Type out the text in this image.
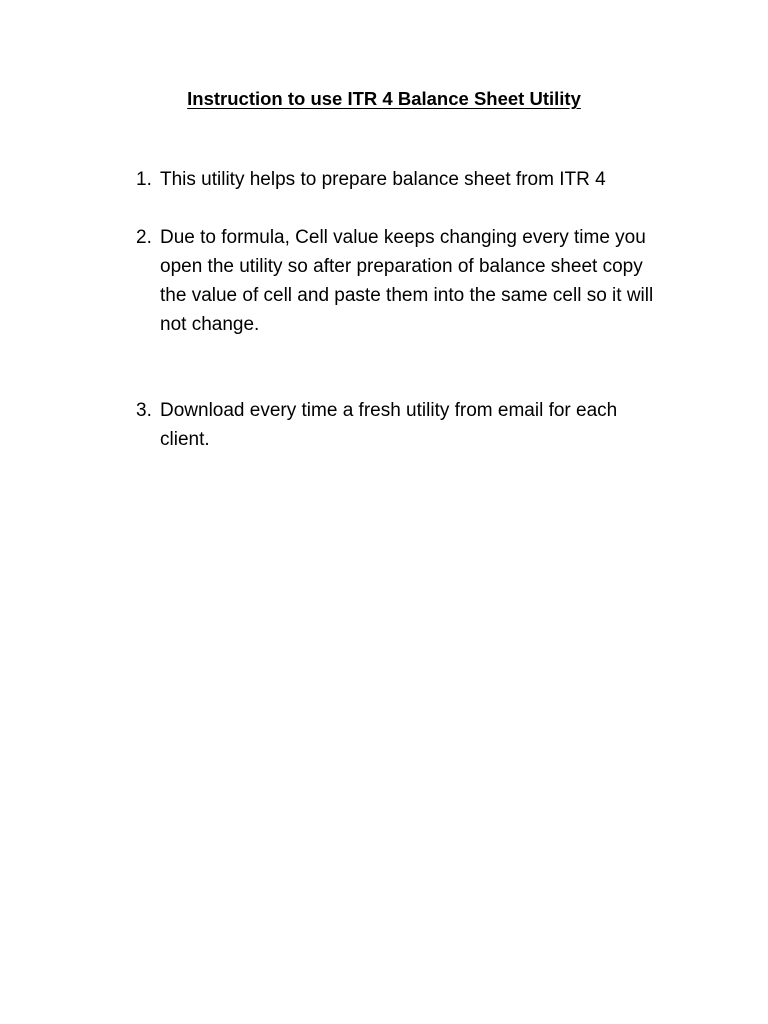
Instruction to use ITR 4 Balance Sheet Utility
1. This utility helps to prepare balance sheet from ITR 4
2. Due to formula, Cell value keeps changing every time you open the utility so after preparation of balance sheet copy the value of cell and paste them into the same cell so it will not change.
3. Download every time a fresh utility from email for each client.
